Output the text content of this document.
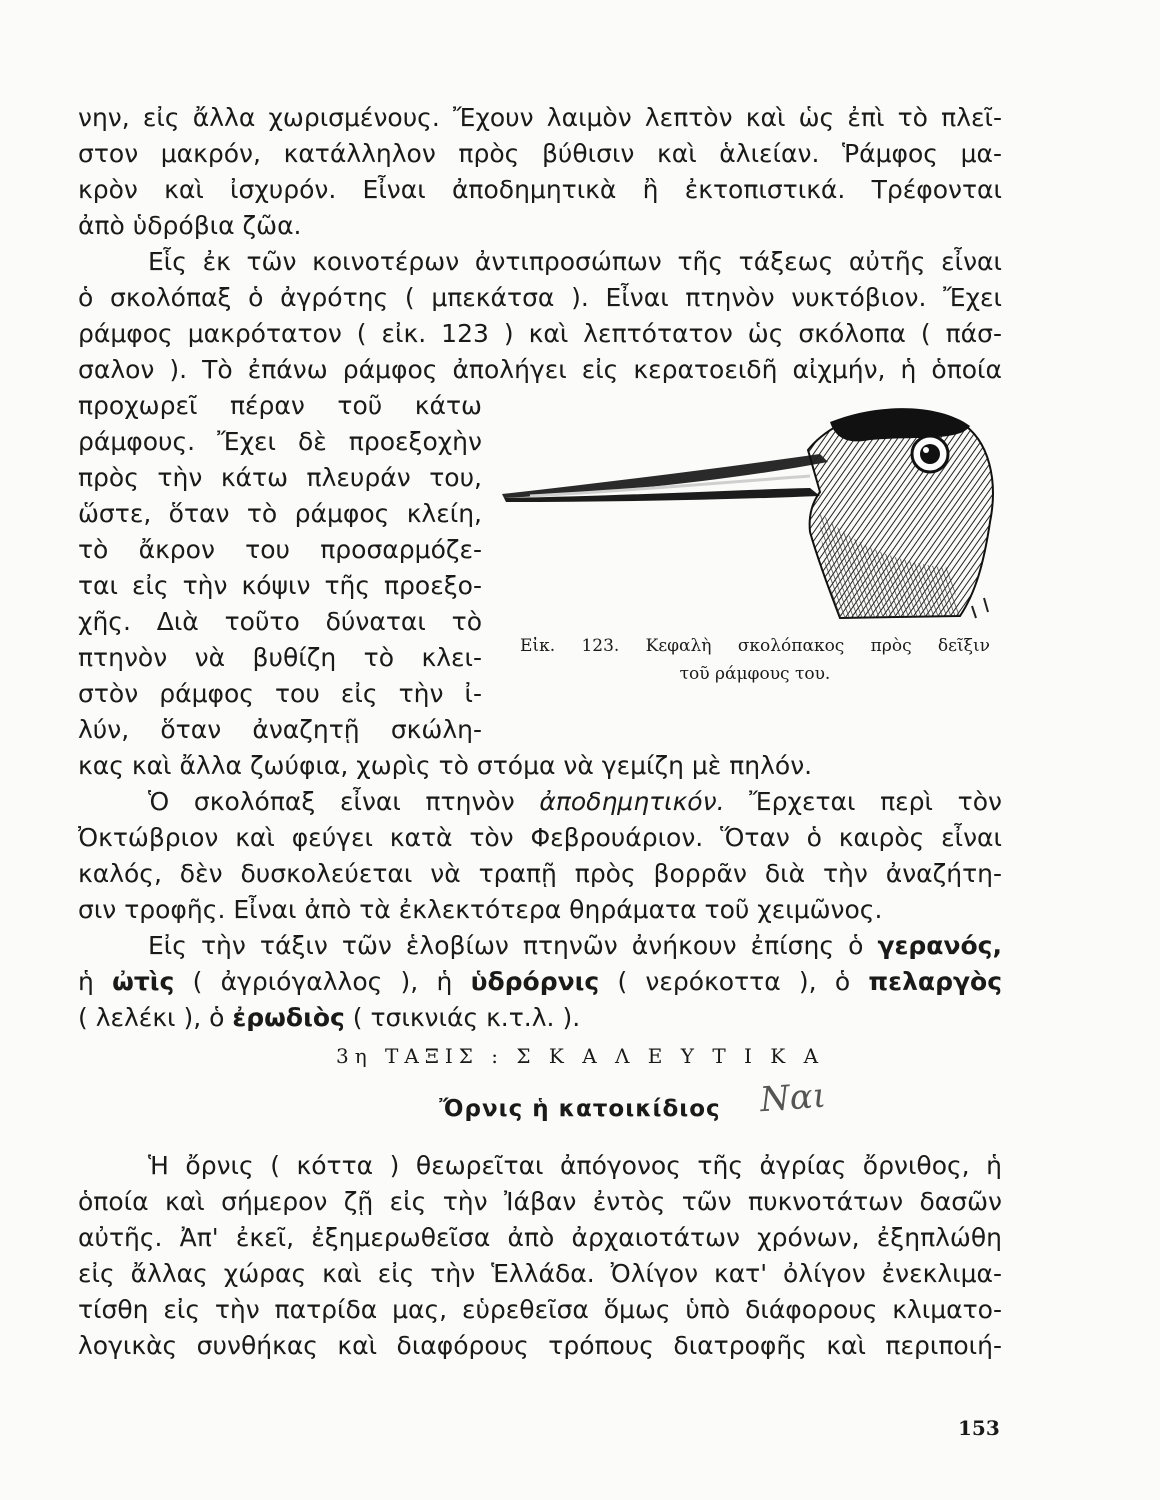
νην, εἰς ἄλλα χωρισμένους. Ἔχουν λαιμὸν λεπτὸν καὶ ὡς ἐπὶ τὸ πλεῖ-
στον μακρόν, κατάλληλον πρὸς βύθισιν καὶ ἁλιείαν. Ῥάμφος μα-
κρὸν καὶ ἰσχυρόν. Εἶναι ἀποδημητικὰ ἢ ἐκτοπιστικά. Τρέφονται
ἀπὸ ὑδρόβια ζῶα.
Εἷς ἐκ τῶν κοινοτέρων ἀντιπροσώπων τῆς τάξεως αὐτῆς εἶναι
ὁ σκολόπαξ ὁ ἀγρότης ( μπεκάτσα ). Εἶναι πτηνὸν νυκτόβιον. Ἔχει
ράμφος μακρότατον ( εἰκ. 123 ) καὶ λεπτότατον ὡς σκόλοπα ( πάσ-
σαλον ). Τὸ ἐπάνω ράμφος ἀπολήγει εἰς κερατοειδῆ αἰχμήν, ἡ ὁποία
προχωρεῖ πέραν τοῦ κάτω
ράμφους. Ἔχει δὲ προεξοχὴν
πρὸς τὴν κάτω πλευράν του,
ὥστε, ὅταν τὸ ράμφος κλείη,
τὸ ἄκρον του προσαρμόζε-
ται εἰς τὴν κόψιν τῆς προεξο-
χῆς. Διὰ τοῦτο δύναται τὸ
πτηνὸν νὰ βυθίζη τὸ κλει-
στὸν ράμφος του εἰς τὴν ἰ-
λύν, ὅταν ἀναζητῇ σκώλη-
κας καὶ ἄλλα ζωύφια, χωρὶς τὸ στόμα νὰ γεμίζη μὲ πηλόν.
Εἰκ. 123. Κεφαλὴ σκολόπακος πρὸς δεῖξιν
τοῦ ράμφους του.
Ὁ σκολόπαξ εἶναι πτηνὸν ἀποδημητικόν. Ἔρχεται περὶ τὸν
Ὀκτώβριον καὶ φεύγει κατὰ τὸν Φεβρουάριον. Ὅταν ὁ καιρὸς εἶναι
καλός, δὲν δυσκολεύεται νὰ τραπῇ πρὸς βορρᾶν διὰ τὴν ἀναζήτη-
σιν τροφῆς. Εἶναι ἀπὸ τὰ ἐκλεκτότερα θηράματα τοῦ χειμῶνος.
Εἰς τὴν τάξιν τῶν ἑλοβίων πτηνῶν ἀνήκουν ἐπίσης ὁ γερανός,
ἡ ὠτὶς ( ἀγριόγαλλος ), ἡ ὑδρόρνις ( νερόκοττα ), ὁ πελαργὸς
( λελέκι ), ὁ ἐρωδιὸς ( τσικνιάς κ.τ.λ. ).
3η ΤΑΞΙΣ : Σ Κ Α Λ Ε Υ Τ Ι Κ Α
Ὄρνις ἡ κατοικίδιος	Ναι
Ἡ ὄρνις ( κόττα ) θεωρεῖται ἀπόγονος τῆς ἀγρίας ὄρνιθος, ἡ
ὁποία καὶ σήμερον ζῇ εἰς τὴν Ἰάβαν ἐντὸς τῶν πυκνοτάτων δασῶν
αὐτῆς. Ἀπ' ἐκεῖ, ἐξημερωθεῖσα ἀπὸ ἀρχαιοτάτων χρόνων, ἐξηπλώθη
εἰς ἄλλας χώρας καὶ εἰς τὴν Ἑλλάδα. Ὀλίγον κατ' ὀλίγον ἐνεκλιμα-
τίσθη εἰς τὴν πατρίδα μας, εὑρεθεῖσα ὅμως ὑπὸ διάφορους κλιματο-
λογικὰς συνθήκας καὶ διαφόρους τρόπους διατροφῆς καὶ περιποιή-
153
